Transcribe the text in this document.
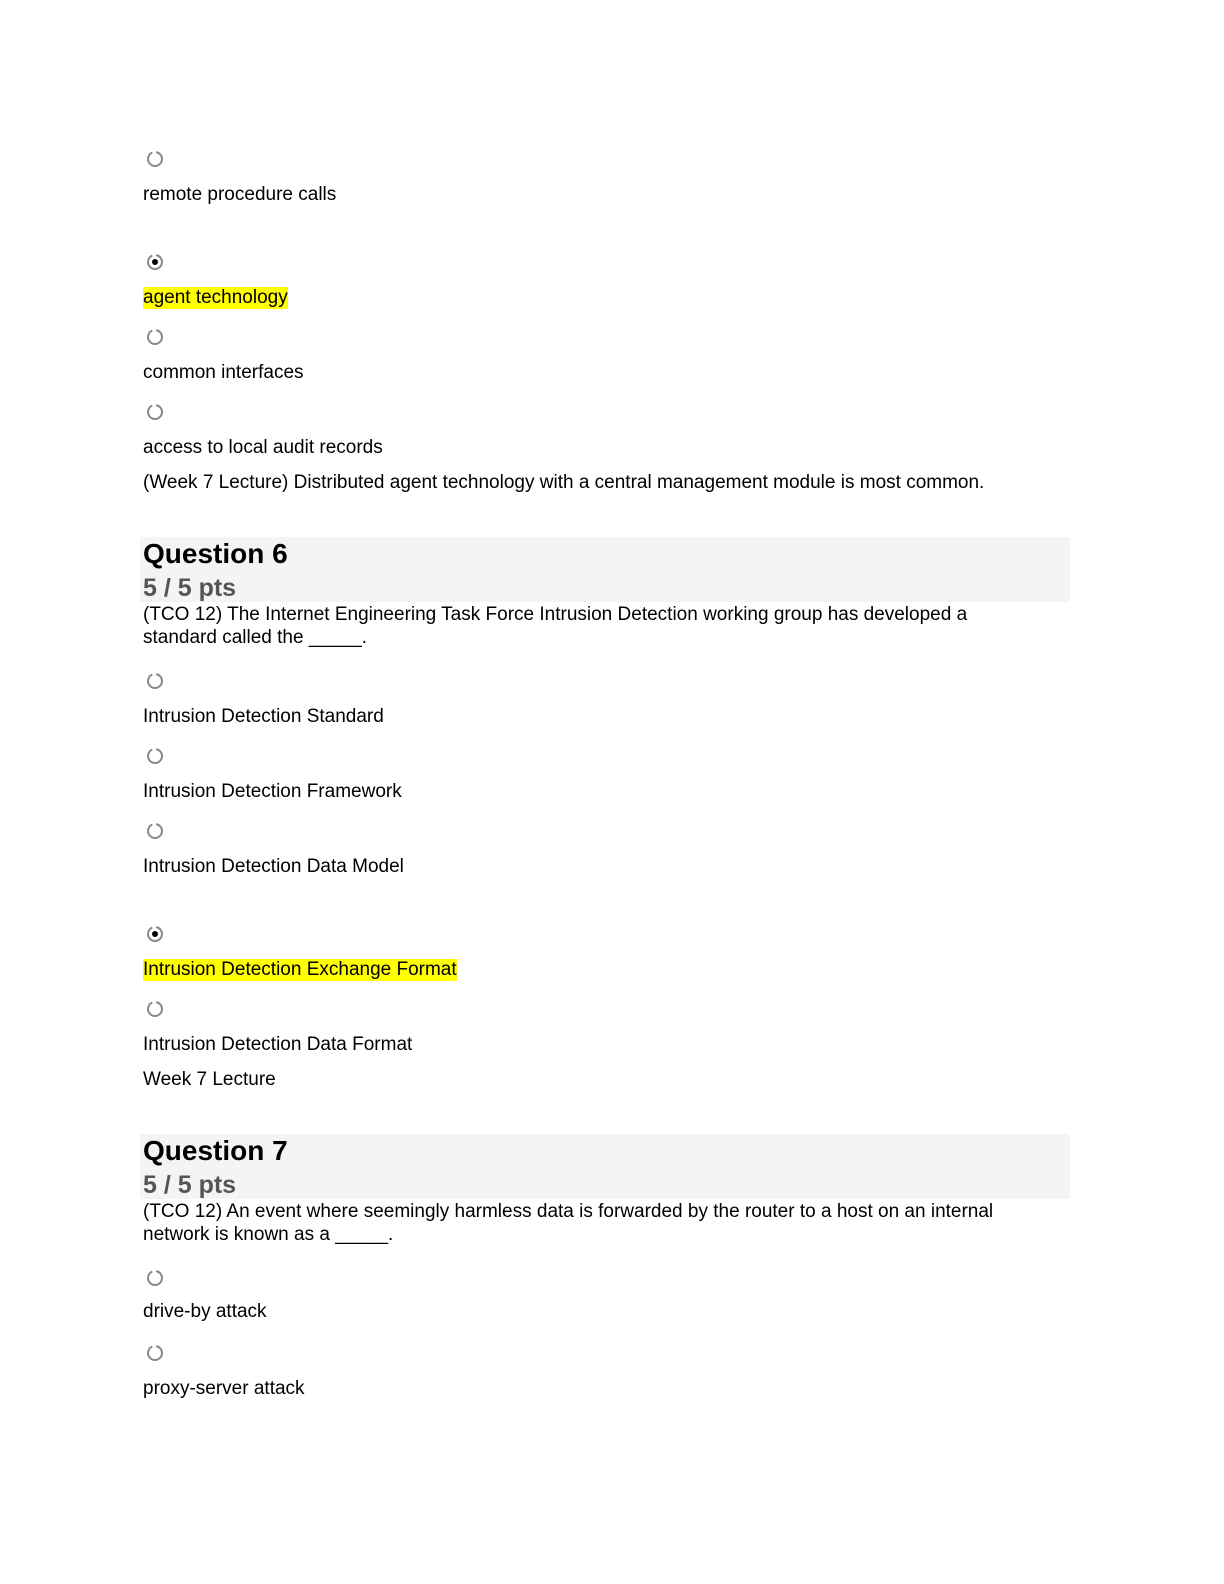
remote procedure calls
agent technology
common interfaces
access to local audit records
(Week 7 Lecture) Distributed agent technology with a central management module is most common.
Question 6
5 / 5 pts
(TCO 12) The Internet Engineering Task Force Intrusion Detection working group has developed a standard called the _____.
Intrusion Detection Standard
Intrusion Detection Framework
Intrusion Detection Data Model
Intrusion Detection Exchange Format
Intrusion Detection Data Format
Week 7 Lecture
Question 7
5 / 5 pts
(TCO 12) An event where seemingly harmless data is forwarded by the router to a host on an internal network is known as a _____.
drive-by attack
proxy-server attack
